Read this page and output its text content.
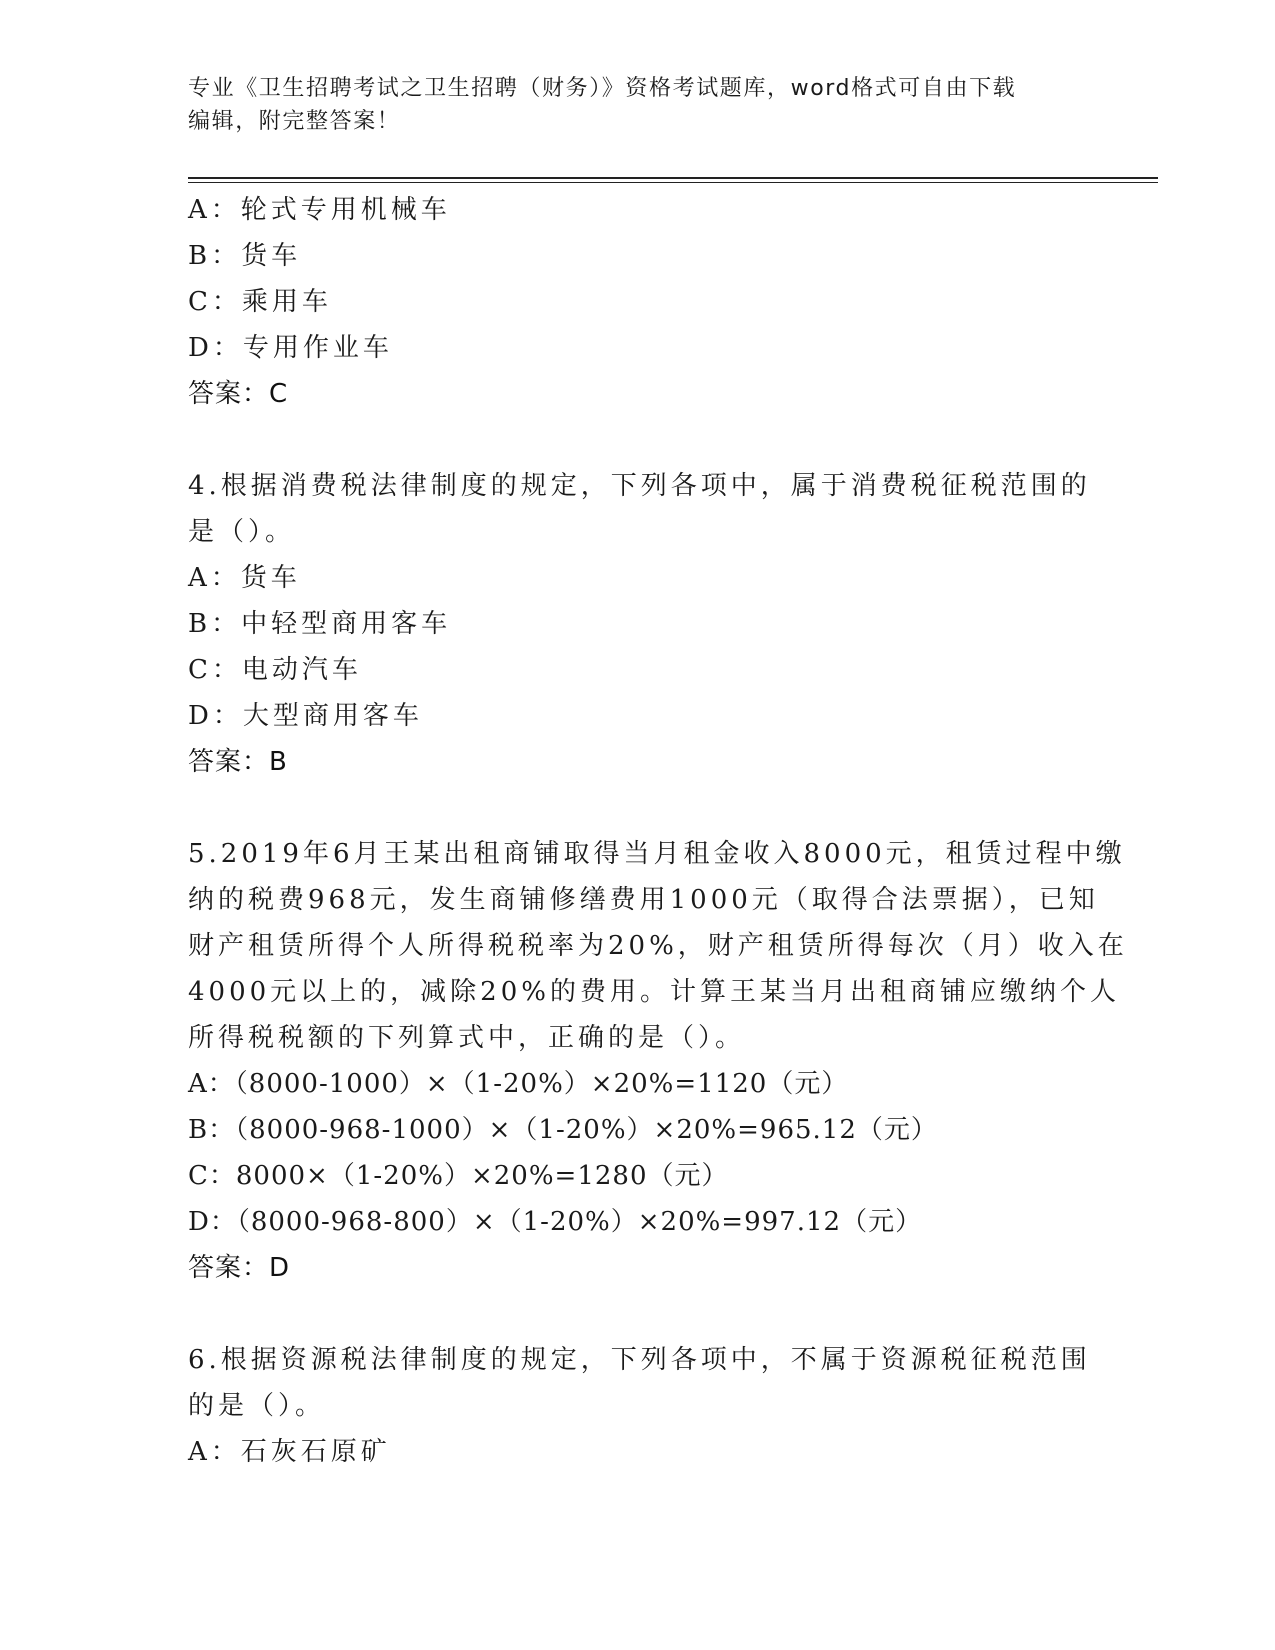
专业《卫生招聘考试之卫生招聘（财务）》资格考试题库，word格式可自由下载
编辑，附完整答案！
A：轮式专用机械车
B：货车
C：乘用车
D：专用作业车
答案：C
4.根据消费税法律制度的规定，下列各项中，属于消费税征税范围的
是（）。
A：货车
B：中轻型商用客车
C：电动汽车
D：大型商用客车
答案：B
5.2019年6月王某出租商铺取得当月租金收入8000元，租赁过程中缴
纳的税费968元，发生商铺修缮费用1000元（取得合法票据），已知
财产租赁所得个人所得税税率为20%，财产租赁所得每次（月）收入在
4000元以上的，减除20%的费用。计算王某当月出租商铺应缴纳个人
所得税税额的下列算式中，正确的是（）。
A：（8000-1000）×（1-20%）×20%=1120（元）
B：（8000-968-1000）×（1-20%）×20%=965.12（元）
C：8000×（1-20%）×20%=1280（元）
D：（8000-968-800）×（1-20%）×20%=997.12（元）
答案：D
6.根据资源税法律制度的规定，下列各项中，不属于资源税征税范围
的是（）。
A：石灰石原矿
